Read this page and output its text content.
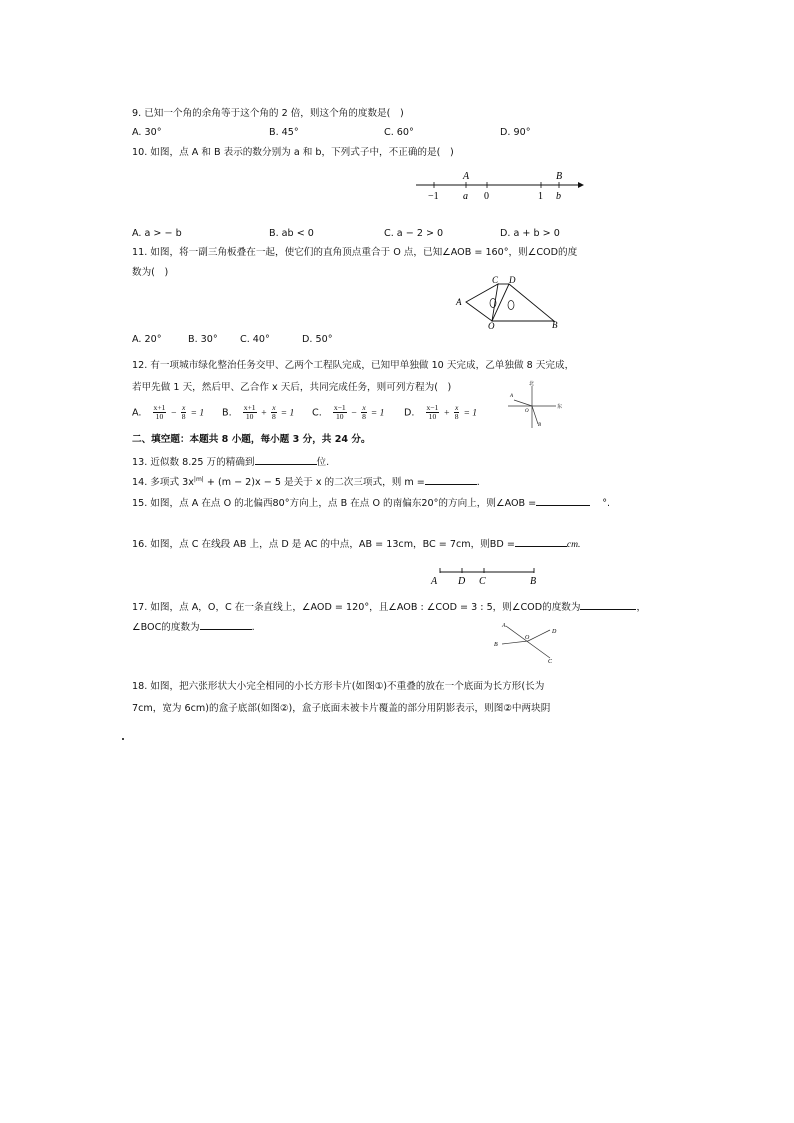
9. 已知一个角的余角等于这个角的 2 倍，则这个角的度数是(　)
A. 30°	B. 45°	C. 60°	D. 90°
10. 如图，点 A 和 B 表示的数分别为 a 和 b，下列式子中，不正确的是(　)
A	B
−1 a 0	1 b
A. a > − b	B. ab < 0	C. a − 2 > 0	D. a + b > 0
11. 如图，将一副三角板叠在一起，使它们的直角顶点重合于 O 点，已知∠AOB = 160°，则∠COD的度
数为(　)
C D
A
O	B
A. 20°	B. 30° C. 40°	D. 50°
12. 有一项城市绿化整治任务交甲、乙两个工程队完成，已知甲单独做 10 天完成，乙单独做 8 天完成，
若甲先做 1 天，然后甲、乙合作 x 天后，共同完成任务，则可列方程为(　)
A. $\frac{x+1}{10} - \frac{x}{8} = 1$ B. $\frac{x+1}{10} + \frac{x}{8} = 1$ C. $\frac{x-1}{10} - \frac{x}{8} = 1$ D. $\frac{x-1}{10} + \frac{x}{8} = 1$
北
东
A
O
B
二、填空题：本题共 8 小题，每小题 3 分，共 24 分。
13. 近似数 8.25 万的精确到	位.
14. 多项式 $3x^{|m|} + (m - 2)x - 5$ 是关于 x 的二次三项式，则 m =	.
15. 如图，点 A 在点 O 的北偏西80°方向上，点 B 在点 O 的南偏东20°的方向上，则∠AOB =	°.
16. 如图，点 C 在线段 AB 上，点 D 是 AC 的中点，AB = 13cm，BC = 7cm，则BD =	cm.
A D C	B
17. 如图，点 A，O，C 在一条直线上，∠AOD = 120°，且∠AOB : ∠COD = 3 : 5，则∠COD的度数为	，
∠BOC的度数为	.	A
B
O
D
C
18. 如图，把六张形状大小完全相同的小长方形卡片(如图①)不重叠的放在一个底面为长方形(长为
7cm，宽为 6cm)的盒子底部(如图②)，盒子底面未被卡片覆盖的部分用阴影表示，则图②中两块阴
